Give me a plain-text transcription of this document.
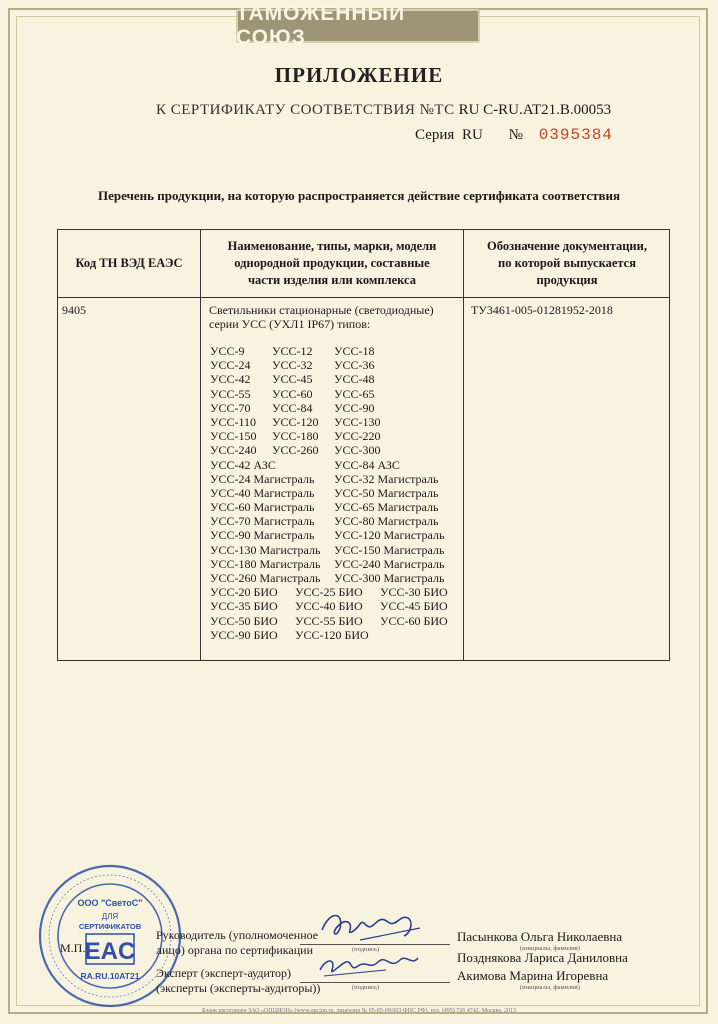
ТАМОЖЕННЫЙ СОЮЗ
ПРИЛОЖЕНИЕ
К СЕРТИФИКАТУ СООТВЕТСТВИЯ №ТС RU C-RU.AT21.B.00053
Серия RU № 0395384
Перечень продукции, на которую распространяется действие сертификата соответствия
Код ТН ВЭД ЕАЭС
Наименование, типы, марки, модели
однородной продукции, составные
части изделия или комплекса
Обозначение документации,
по которой выпускается
продукция
9405	Светильники стационарные (светодиодные)
серии УСС (УХЛ1 IP67) типов:
ТУ3461-005-01281952-2018
УСС-9 УСС-12 УСС-18
УСС-24 УСС-32 УСС-36
УСС-42 УСС-45 УСС-48
УСС-55 УСС-60 УСС-65
УСС-70 УСС-84 УСС-90
УСС-110 УСС-120 УСС-130
УСС-150 УСС-180 УСС-220
УСС-240 УСС-260 УСС-300
УСС-42 АЗС	УСС-84 АЗС
УСС-24 Магистраль УСС-32 Магистраль
УСС-40 Магистраль УСС-50 Магистраль
УСС-60 Магистраль УСС-65 Магистраль
УСС-70 Магистраль УСС-80 Магистраль
УСС-90 Магистраль УСС-120 Магистраль
УСС-130 Магистраль УСС-150 Магистраль
УСС-180 Магистраль УСС-240 Магистраль
УСС-260 Магистраль УСС-300 Магистраль
УСС-20 БИО УСС-25 БИО УСС-30 БИО
УСС-35 БИО УСС-40 БИО УСС-45 БИО
УСС-50 БИО УСС-55 БИО УСС-60 БИО
УСС-90 БИО УСС-120 БИО
ООО "СветоС"
ДЛЯ
СЕРТИФИКАТОВ
EAC
RA.RU.10AT21
М.П.
Руководитель (уполномоченное
лицо) органа по сертификации
Эксперт (эксперт-аудитор)
(эксперты (эксперты-аудиторы))
(подпись)
(подпись)
Пасынкова Ольга Николаевна
(инициалы, фамилия)
Позднякова Лариса Даниловна
Акимова Марина Игоревна
(инициалы, фамилия)
Бланк изготовлен ЗАО «ОПЦИОН» (www.opcion.ru, лицензия № 05-05-09/003 ФНС РФ), тел. (495) 726 4742, Москва, 2013
